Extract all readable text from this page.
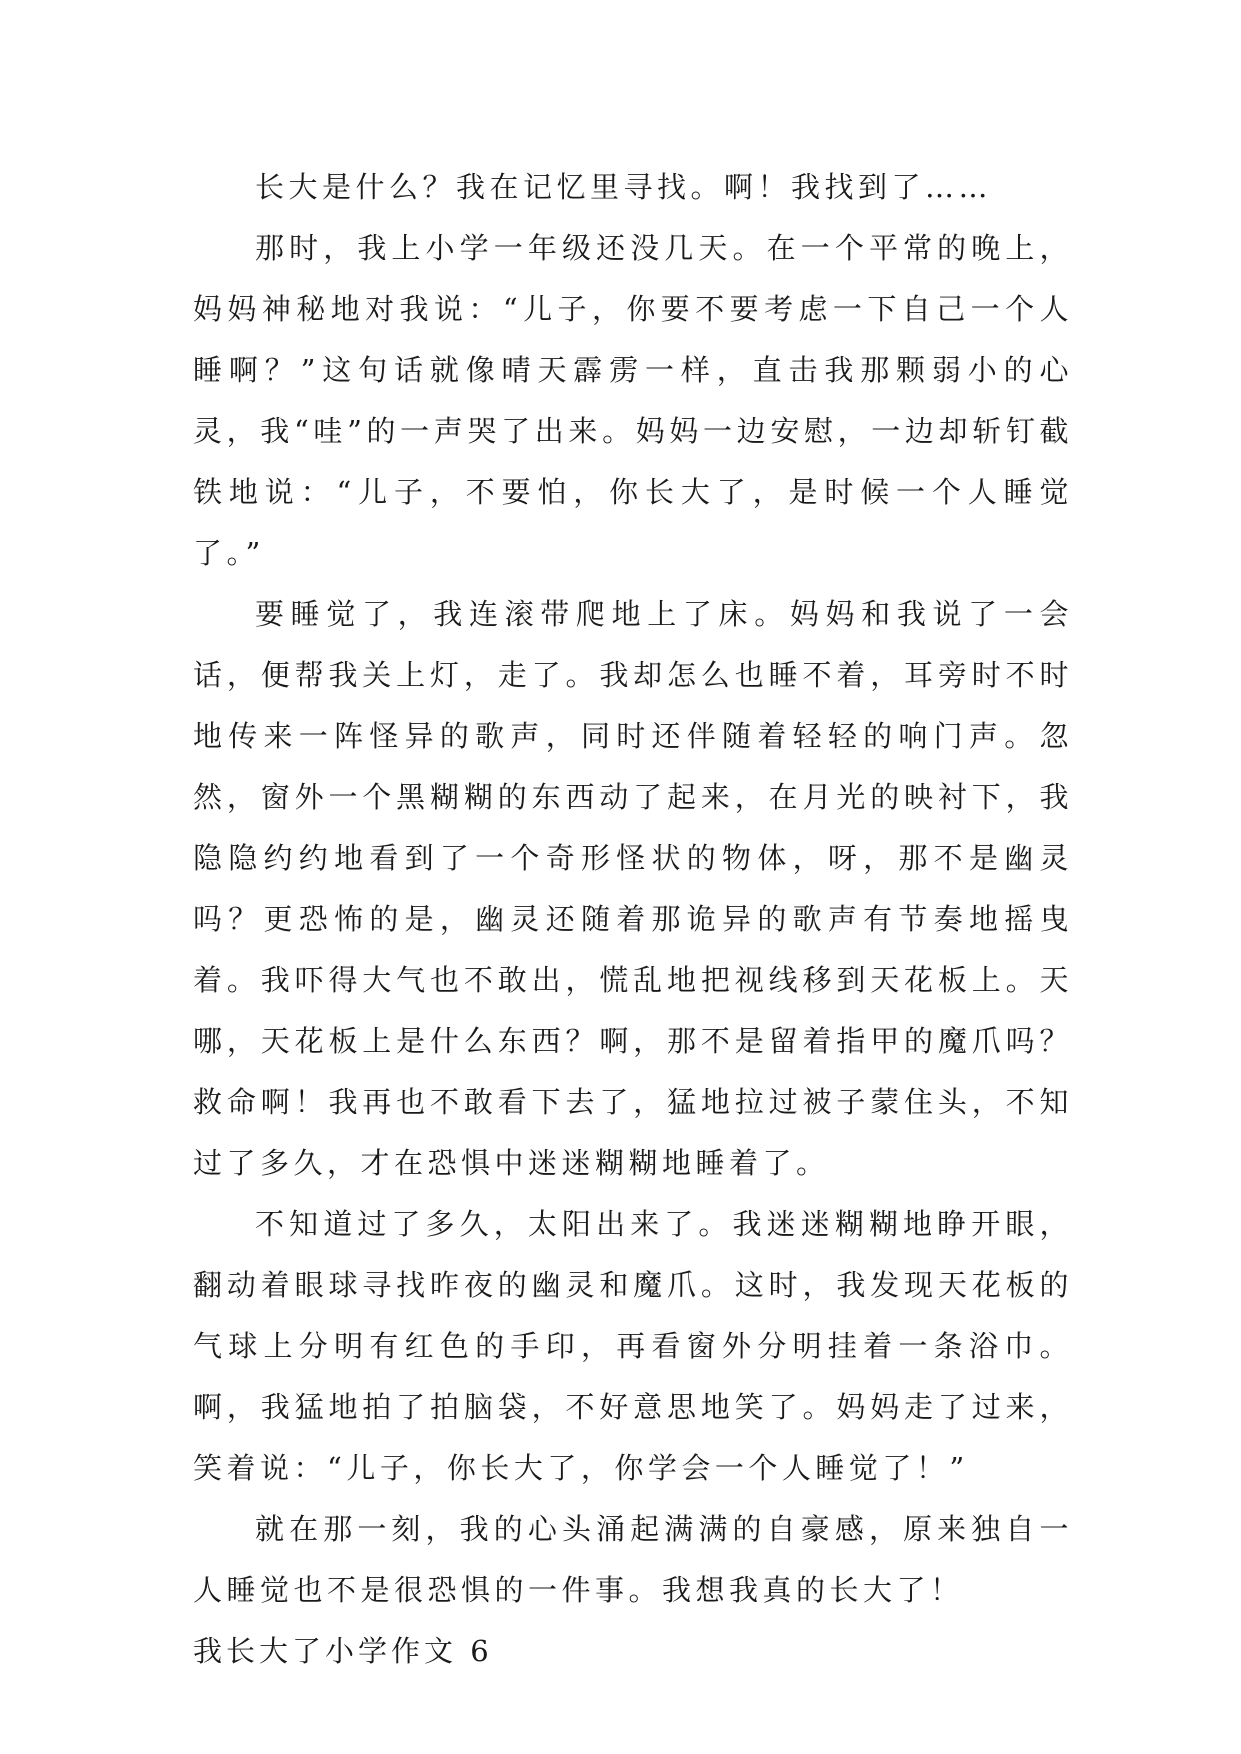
长大是什么？我在记忆里寻找。啊！我找到了……

那时，我上小学一年级还没几天。在一个平常的晚上，妈妈神秘地对我说：“儿子，你要不要考虑一下自己一个人睡啊？”这句话就像晴天霹雳一样，直击我那颗弱小的心灵，我“哇”的一声哭了出来。妈妈一边安慰，一边却斩钉截铁地说：“儿子，不要怕，你长大了，是时候一个人睡觉了。”

要睡觉了，我连滚带爬地上了床。妈妈和我说了一会话，便帮我关上灯，走了。我却怎么也睡不着，耳旁时不时地传来一阵怪异的歌声，同时还伴随着轻轻的响门声。忽然，窗外一个黑糊糊的东西动了起来，在月光的映衬下，我隐隐约约地看到了一个奇形怪状的物体，呀，那不是幽灵吗？更恐怖的是，幽灵还随着那诡异的歌声有节奏地摇曳着。我吓得大气也不敢出，慌乱地把视线移到天花板上。天哪，天花板上是什么东西？啊，那不是留着指甲的魔爪吗？救命啊！我再也不敢看下去了，猛地拉过被子蒙住头，不知过了多久，才在恐惧中迷迷糊糊地睡着了。

不知道过了多久，太阳出来了。我迷迷糊糊地睁开眼，翻动着眼球寻找昨夜的幽灵和魔爪。这时，我发现天花板的气球上分明有红色的手印，再看窗外分明挂着一条浴巾。啊，我猛地拍了拍脑袋，不好意思地笑了。妈妈走了过来，笑着说：“儿子，你长大了，你学会一个人睡觉了！”

就在那一刻，我的心头涌起满满的自豪感，原来独自一人睡觉也不是很恐惧的一件事。我想我真的长大了！

我长大了小学作文 6
